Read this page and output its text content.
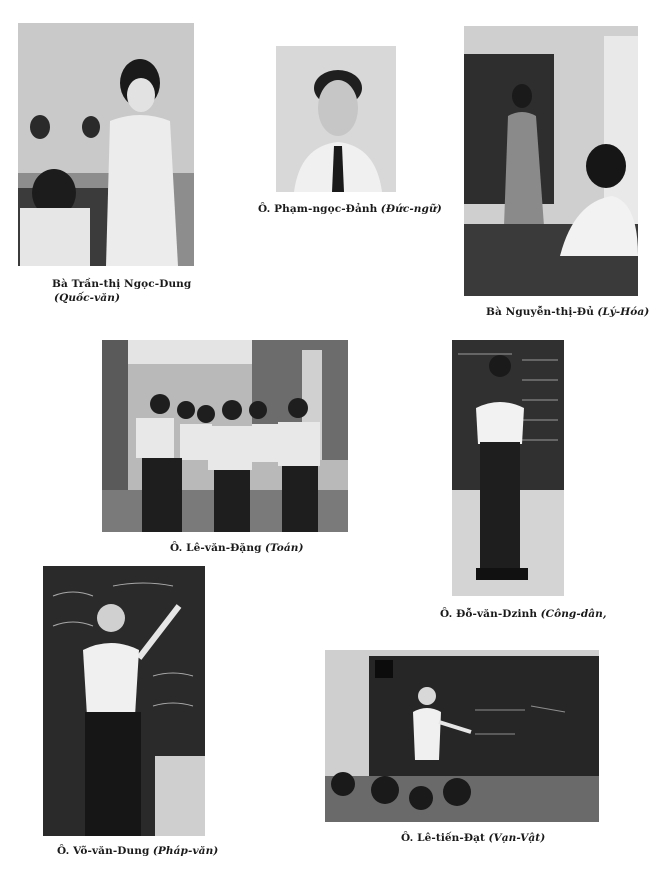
Bà Trần-thị Ngọc-Dung
(Quốc-văn)
Ô. Phạm-ngọc-Đảnh (Đức-ngữ)
Bà Nguyễn-thị-Đủ (Lý-Hóa)
Ô. Lê-văn-Đặng (Toán)
Ô. Đỗ-văn-Dzinh (Công-dân,
Ô. Võ-văn-Dung (Pháp-văn)
Ô. Lê-tiến-Đạt (Vạn-Vật)
